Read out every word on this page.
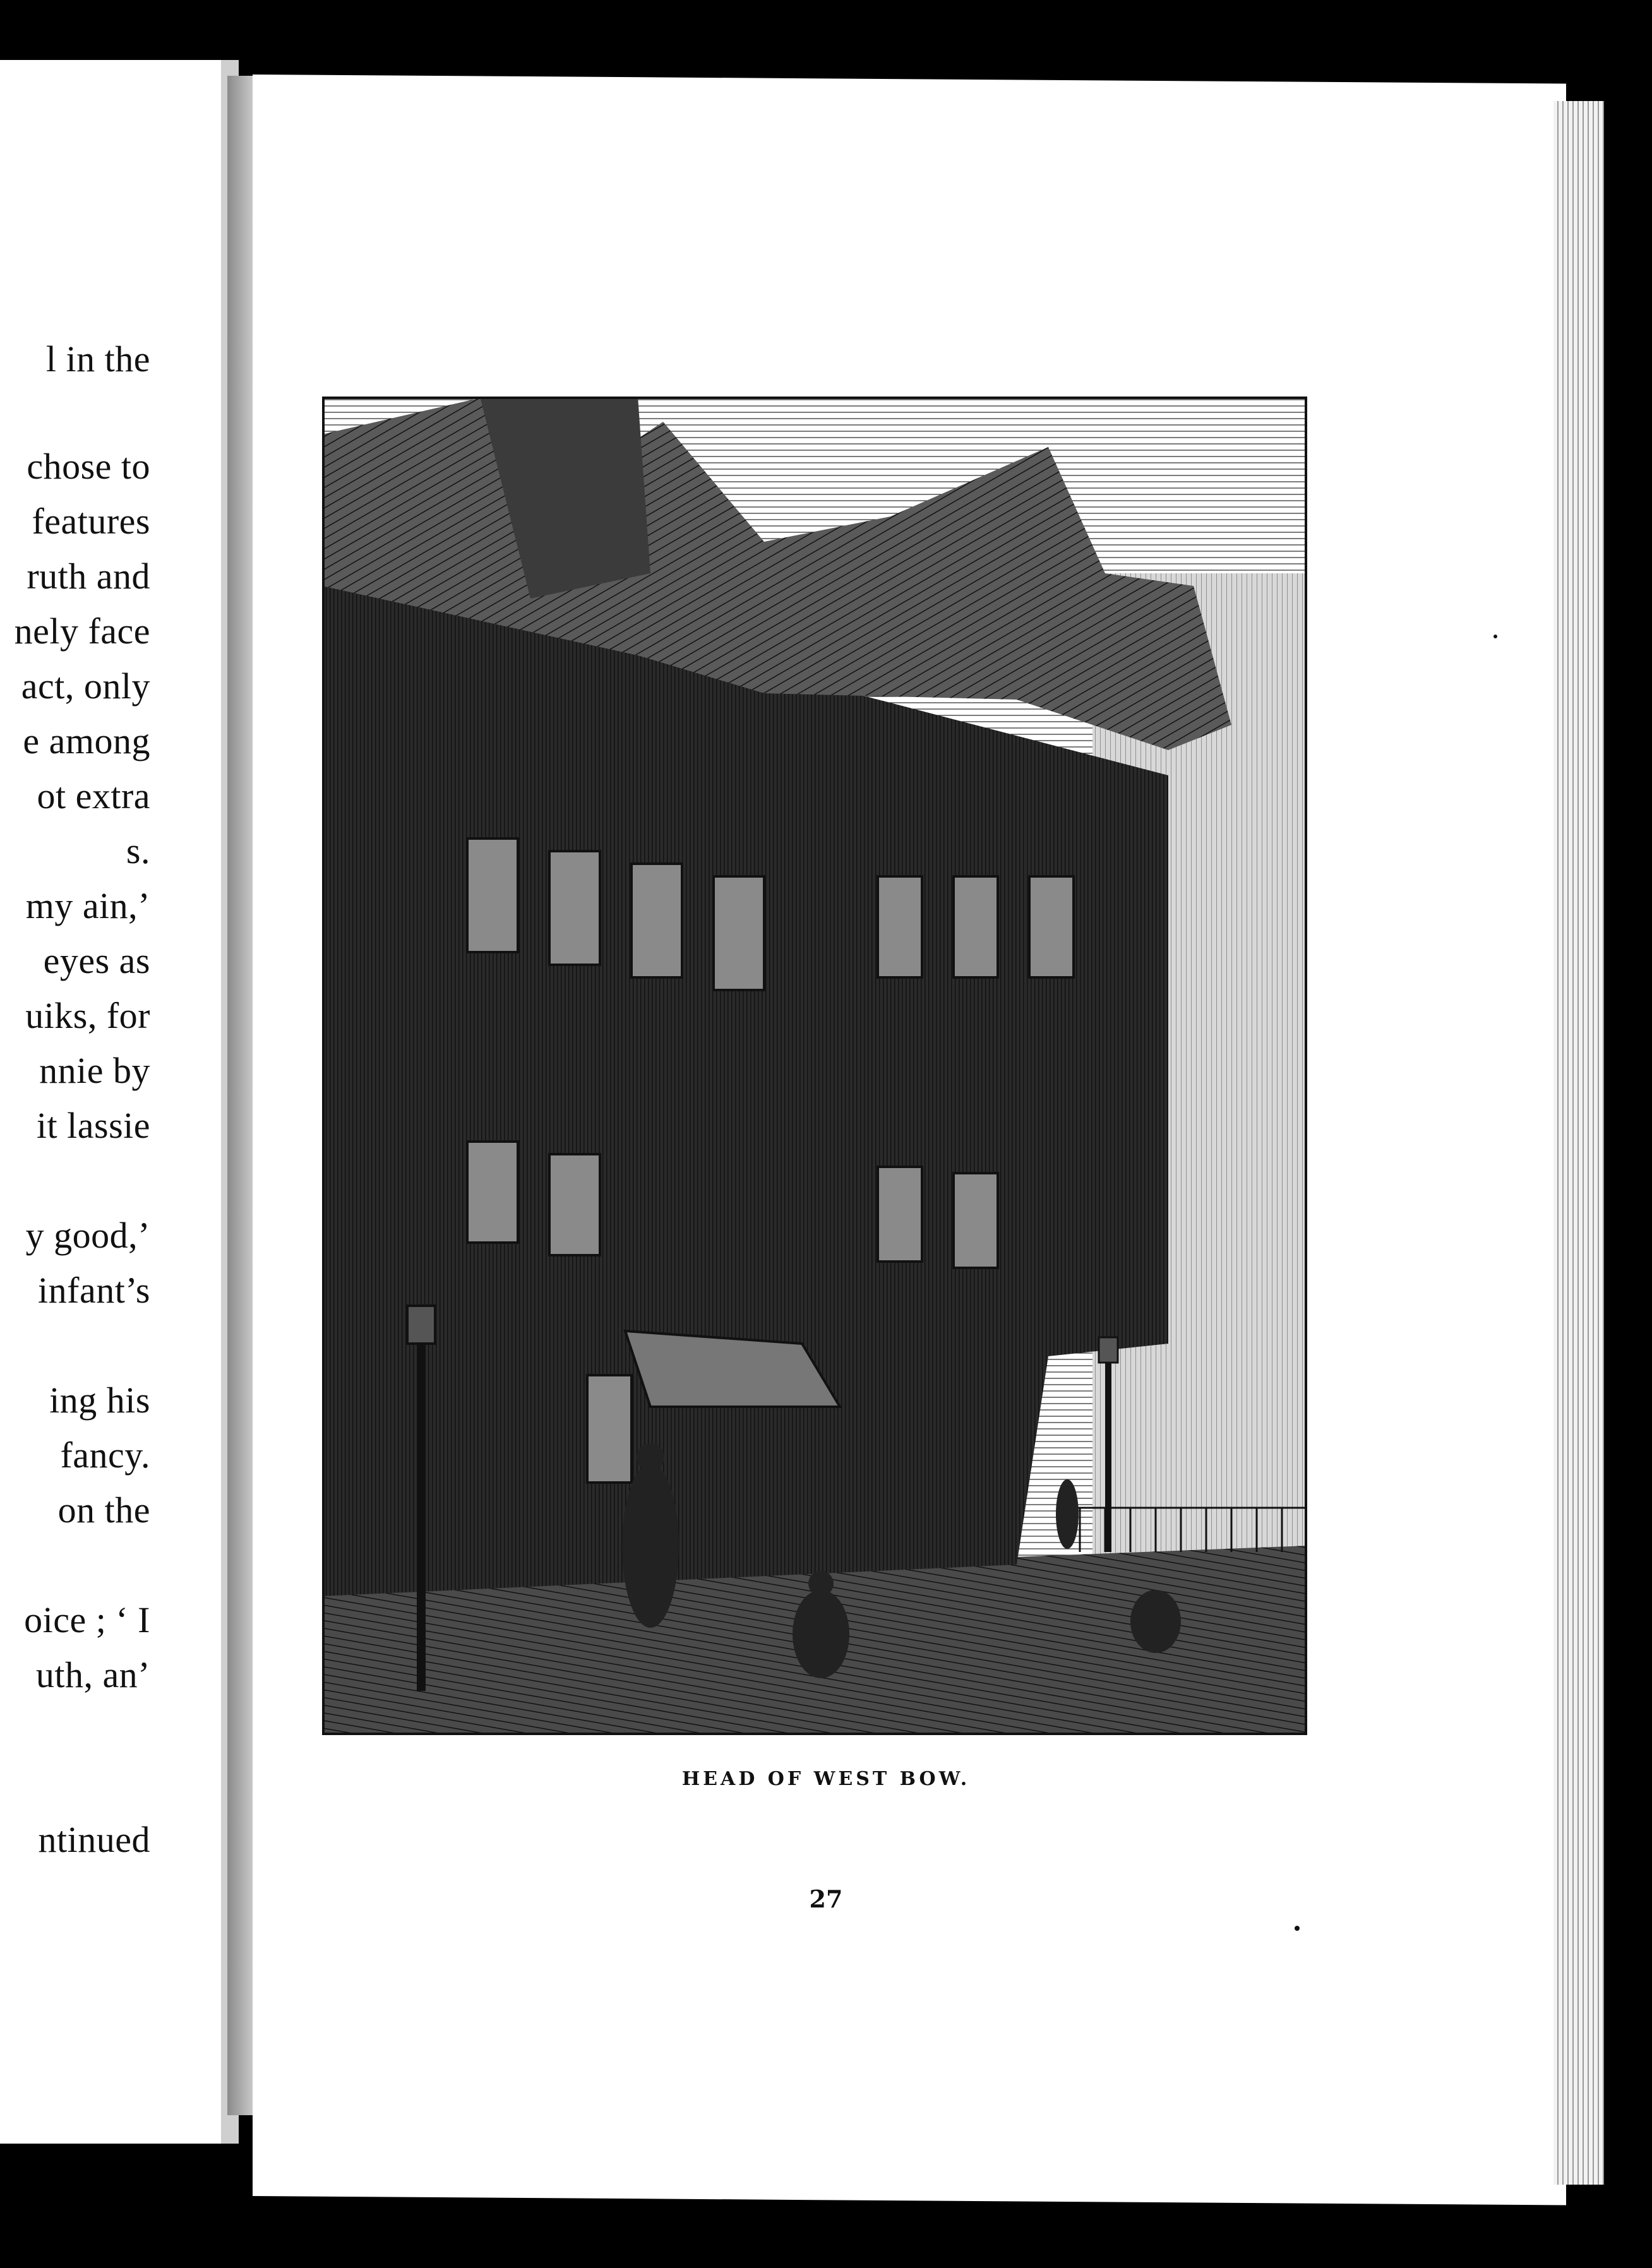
l in the
chose to
features
ruth and
nely face
act, only
e among
ot extra
s.
my ain,’
eyes as
uiks, for
nnie by
it lassie
y good,’
infant’s
ing his
fancy.
on the
oice ; ‘ I
uth, an’
ntinued
HEAD OF WEST BOW.
27
